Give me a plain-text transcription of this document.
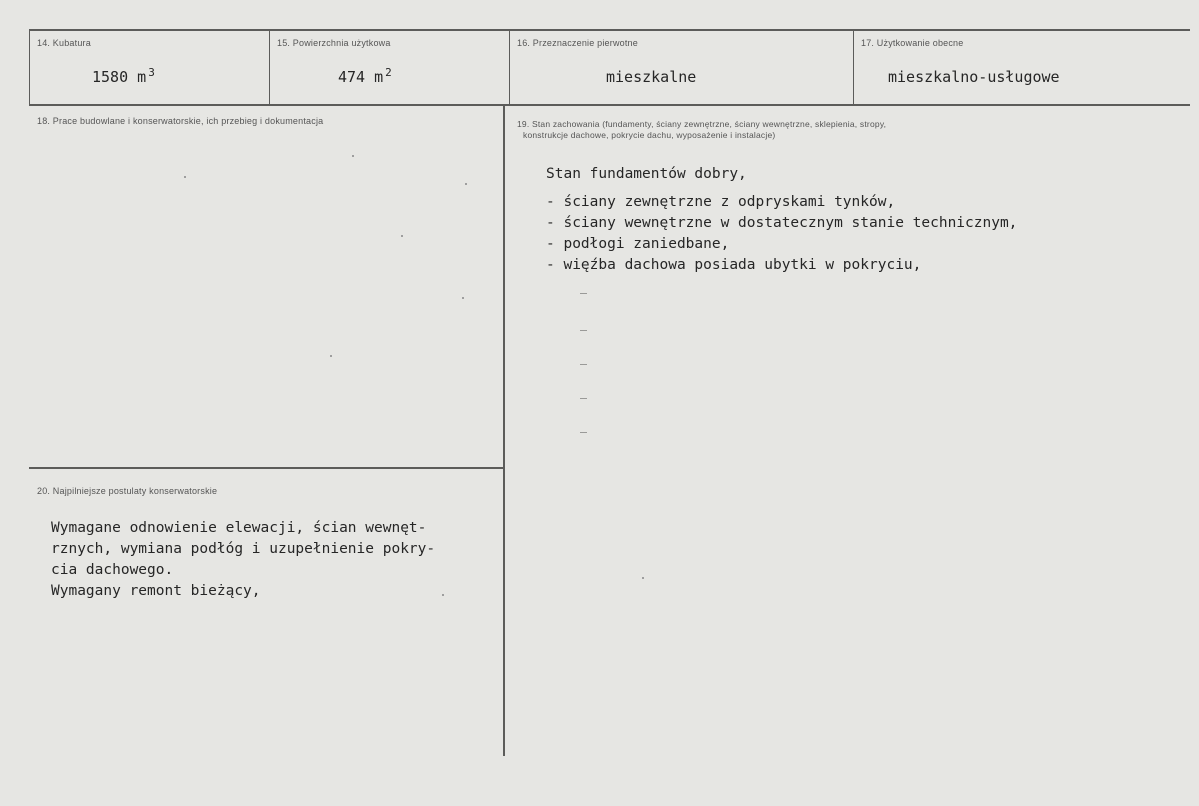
14. Kubatura
1580 m $^3$
15. Powierzchnia użytkowa
474 m $^2$
16. Przeznaczenie pierwotne
mieszkalne
17. Użytkowanie obecne
mieszkalno-usługowe
18. Prace budowlane i konserwatorskie, ich przebieg i dokumentacja	19. Stan zachowania (fundamenty, ściany zewnętrzne, ściany wewnętrzne, sklepienia, stropy,
konstrukcje dachowe, pokrycie dachu, wyposażenie i instalacje)
Stan fundamentów dobry,
- ściany zewnętrzne z odpryskami tynków,
- ściany wewnętrzne w dostatecznym stanie technicznym,
- podłogi zaniedbane,
- więźba dachowa posiada ubytki w pokryciu,
20. Najpilniejsze postulaty konserwatorskie
Wymagane odnowienie elewacji, ścian wewnęt-
rznych, wymiana podłóg i uzupełnienie pokry-
cia dachowego.
Wymagany remont bieżący,
